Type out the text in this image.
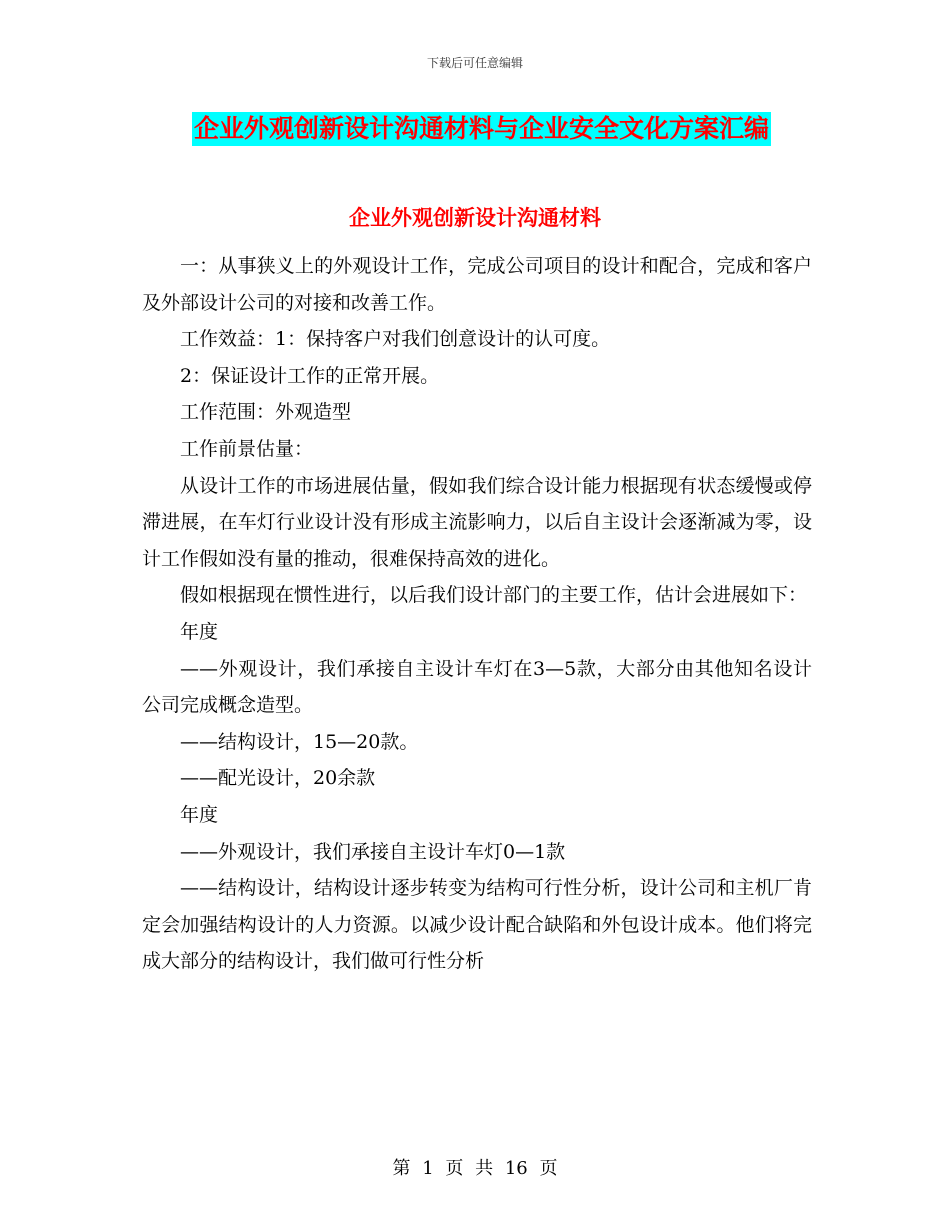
下载后可任意编辑
企业外观创新设计沟通材料与企业安全文化方案汇编
企业外观创新设计沟通材料

一：从事狭义上的外观设计工作，完成公司项目的设计和配合，完成和客户及外部设计公司的对接和改善工作。

工作效益：1：保持客户对我们创意设计的认可度。

2：保证设计工作的正常开展。

工作范围：外观造型

工作前景估量：

从设计工作的市场进展估量，假如我们综合设计能力根据现有状态缓慢或停滞进展，在车灯行业设计没有形成主流影响力，以后自主设计会逐渐减为零，设计工作假如没有量的推动，很难保持高效的进化。

假如根据现在惯性进行，以后我们设计部门的主要工作，估计会进展如下：

年度

——外观设计，我们承接自主设计车灯在3—5款，大部分由其他知名设计公司完成概念造型。

——结构设计，15—20款。

——配光设计，20余款

年度

——外观设计，我们承接自主设计车灯0—1款

——结构设计，结构设计逐步转变为结构可行性分析，设计公司和主机厂肯定会加强结构设计的人力资源。以减少设计配合缺陷和外包设计成本。他们将完成大部分的结构设计，我们做可行性分析

第 1 页 共 16 页
